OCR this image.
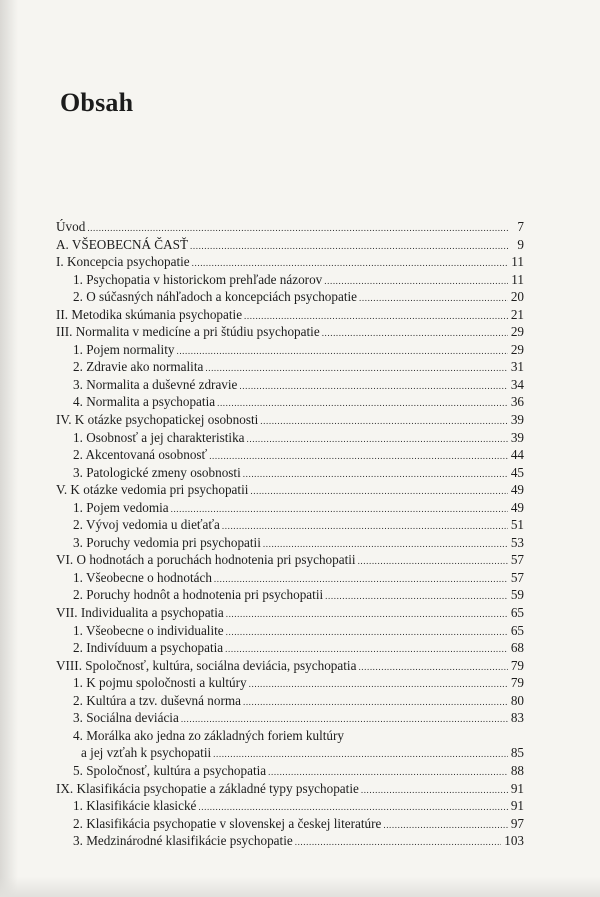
Obsah
Úvod .....	7
A. VŠEOBECNÁ ČASŤ .....	9
I. Koncepcia psychopatie .....	11
1. Psychopatia v historickom prehľade názorov .....	11
2. O súčasných náhľadoch a koncepciách psychopatie .....	20
II. Metodika skúmania psychopatie .....	21
III. Normalita v medicíne a pri štúdiu psychopatie .....	29
1. Pojem normality .....	29
2. Zdravie ako normalita .....	31
3. Normalita a duševné zdravie .....	34
4. Normalita a psychopatia .....	36
IV. K otázke psychopatickej osobnosti .....	39
1. Osobnosť a jej charakteristika .....	39
2. Akcentovaná osobnosť .....	44
3. Patologické zmeny osobnosti .....	45
V. K otázke vedomia pri psychopatii .....	49
1. Pojem vedomia .....	49
2. Vývoj vedomia u dieťaťa .....	51
3. Poruchy vedomia pri psychopatii .....	53
VI. O hodnotách a poruchách hodnotenia pri psychopatii .....	57
1. Všeobecne o hodnotách .....	57
2. Poruchy hodnôt a hodnotenia pri psychopatii .....	59
VII. Individualita a psychopatia .....	65
1. Všeobecne o individualite .....	65
2. Indivíduum a psychopatia .....	68
VIII. Spoločnosť, kultúra, sociálna deviácia, psychopatia .....	79
1. K pojmu spoločnosti a kultúry .....	79
2. Kultúra a tzv. duševná norma .....	80
3. Sociálna deviácia .....	83
4. Morálka ako jedna zo základných foriem kultúry
a jej vzťah k psychopatii .....	85
5. Spoločnosť, kultúra a psychopatia .....	88
IX. Klasifikácia psychopatie a základné typy psychopatie .....	91
1. Klasifikácie klasické .....	91
2. Klasifikácia psychopatie v slovenskej a českej literatúre .....	97
3. Medzinárodné klasifikácie psychopatie .....	103
